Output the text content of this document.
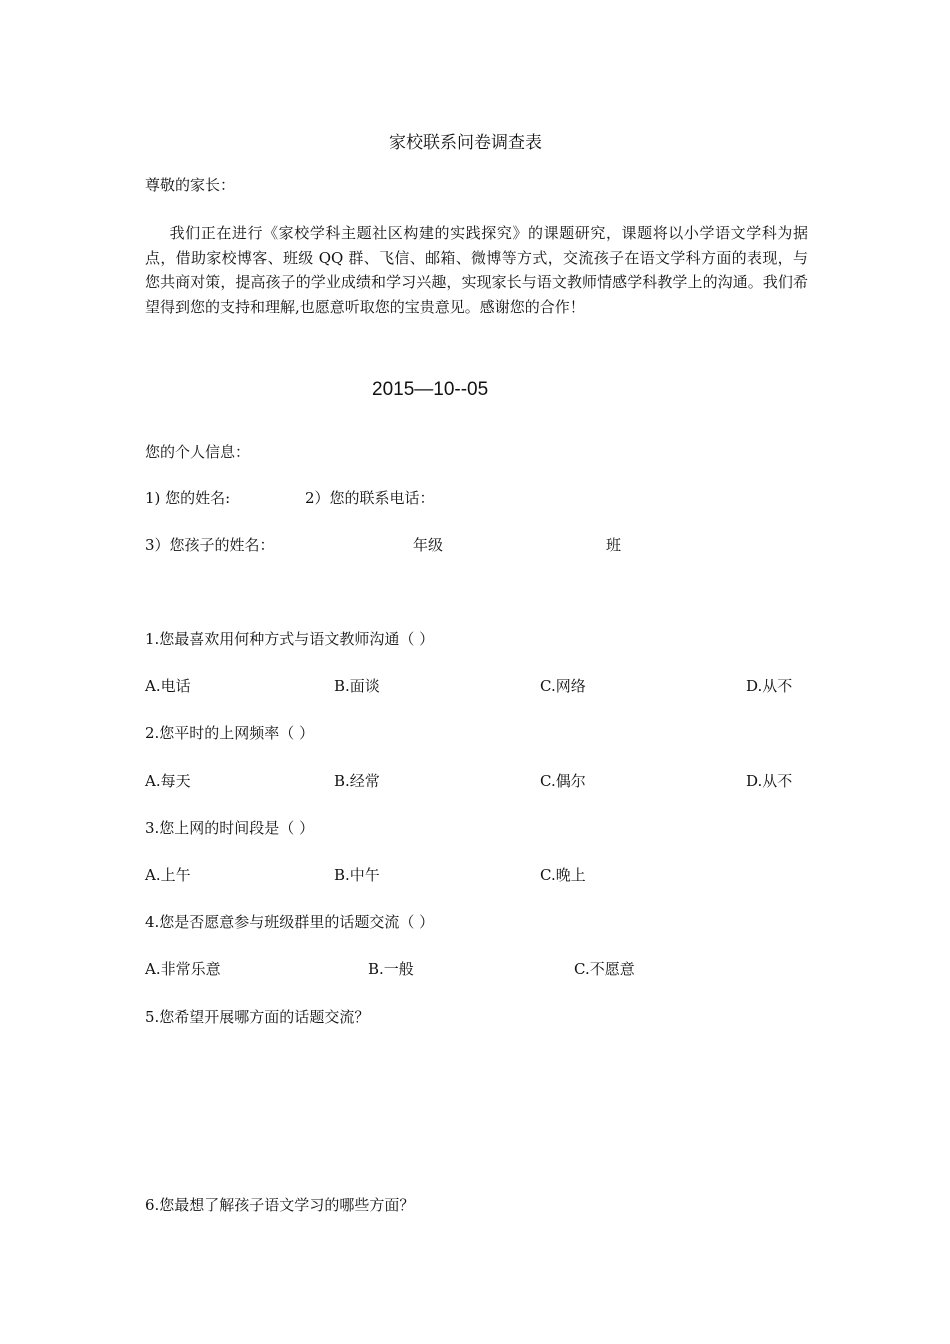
家校联系问卷调查表
尊敬的家长：
我们正在进行《家校学科主题社区构建的实践探究》的课题研究，课题将以小学语文学科为据点，借助家校博客、班级 QQ 群、飞信、邮箱、微博等方式，交流孩子在语文学科方面的表现，与您共商对策，提高孩子的学业成绩和学习兴趣，实现家长与语文教师情感学科教学上的沟通。我们希望得到您的支持和理解,也愿意听取您的宝贵意见。感谢您的合作！
2015—10--05
您的个人信息：
1) 您的姓名:	2）您的联系电话：
3）您孩子的姓名：	年级	班
1.您最喜欢用何种方式与语文教师沟通（ ）
A.电话	B.面谈	C.网络	D.从不
2.您平时的上网频率（ ）
A.每天	B.经常	C.偶尔	D.从不
3.您上网的时间段是（ ）
A.上午	B.中午	C.晚上
4.您是否愿意参与班级群里的话题交流（ ）
A.非常乐意	B.一般	C.不愿意
5.您希望开展哪方面的话题交流？
6.您最想了解孩子语文学习的哪些方面？
